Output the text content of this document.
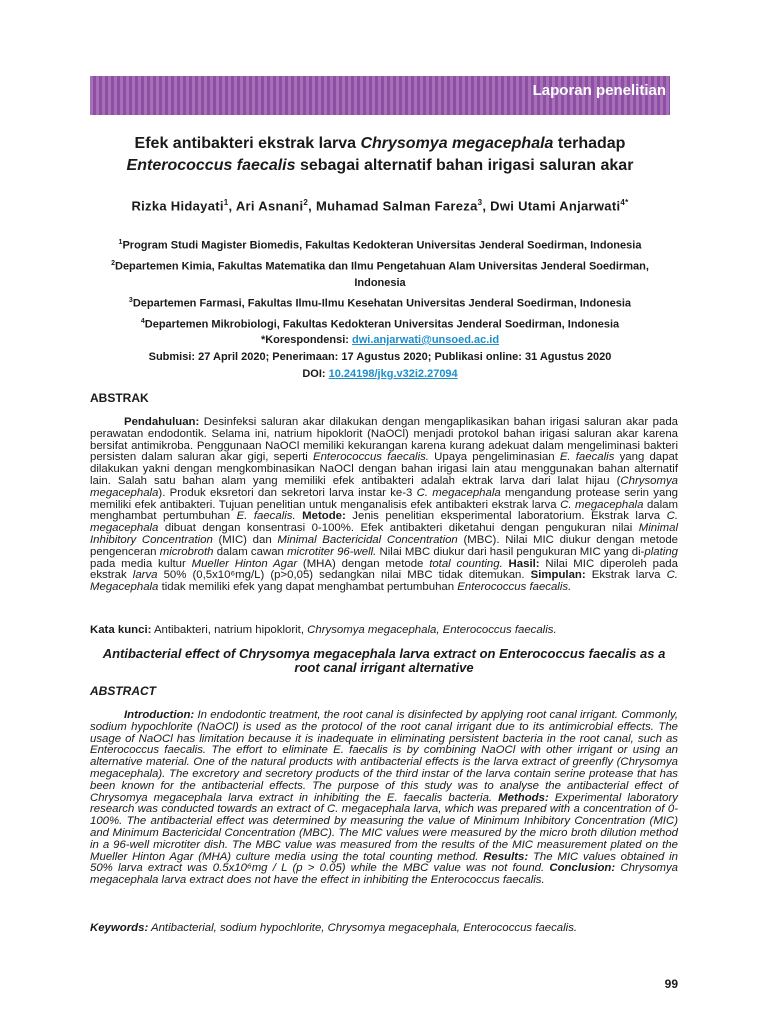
Laporan penelitian
Efek antibakteri ekstrak larva Chrysomya megacephala terhadap
Enterococcus faecalis sebagai alternatif bahan irigasi saluran akar
Rizka Hidayati$^1$, Ari Asnani$^2$, Muhamad Salman Fareza$^3$, Dwi Utami Anjarwati$^{4*}$

$^1$Program Studi Magister Biomedis, Fakultas Kedokteran Universitas Jenderal Soedirman, Indonesia

$^2$Departemen Kimia, Fakultas Matematika dan Ilmu Pengetahuan Alam Universitas Jenderal Soedirman, Indonesia

$^3$Departemen Farmasi, Fakultas Ilmu-Ilmu Kesehatan Universitas Jenderal Soedirman, Indonesia

$^4$Departemen Mikrobiologi, Fakultas Kedokteran Universitas Jenderal Soedirman, Indonesia

*Korespondensi: dwi.anjarwati@unsoed.ac.id

Submisi: 27 April 2020; Penerimaan: 17 Agustus 2020; Publikasi online: 31 Agustus 2020

DOI: 10.24198/jkg.v32i2.27094

ABSTRAK

Pendahuluan: Desinfeksi saluran akar dilakukan dengan mengaplikasikan bahan irigasi saluran akar pada perawatan endodontik. Selama ini, natrium hipoklorit (NaOCl) menjadi protokol bahan irigasi saluran akar karena bersifat antimikroba. Penggunaan NaOCl memiliki kekurangan karena kurang adekuat dalam mengeliminasi bakteri persisten dalam saluran akar gigi, seperti Enterococcus faecalis. Upaya pengeliminasian E. faecalis yang dapat dilakukan yakni dengan mengkombinasikan NaOCl dengan bahan irigasi lain atau menggunakan bahan alternatif lain. Salah satu bahan alam yang memiliki efek antibakteri adalah ektrak larva dari lalat hijau (Chrysomya megacephala). Produk eksretori dan sekretori larva instar ke-3 C. megacephala mengandung protease serin yang memiliki efek antibakteri. Tujuan penelitian untuk menganalisis efek antibakteri ekstrak larva C. megacephala dalam menghambat pertumbuhan E. faecalis. Metode: Jenis penelitian eksperimental laboratorium. Ekstrak larva C. megacephala dibuat dengan konsentrasi 0-100%. Efek antibakteri diketahui dengan pengukuran nilai Minimal Inhibitory Concentration (MIC) dan Minimal Bactericidal Concentration (MBC). Nilai MIC diukur dengan metode pengenceran microbroth dalam cawan microtiter 96-well. Nilai MBC diukur dari hasil pengukuran MIC yang di-plating pada media kultur Mueller Hinton Agar (MHA) dengan metode total counting. Hasil: Nilai MIC diperoleh pada ekstrak larva 50% (0,5x10⁶mg/L) (p>0,05) sedangkan nilai MBC tidak ditemukan. Simpulan: Ekstrak larva C. Megacephala tidak memiliki efek yang dapat menghambat pertumbuhan Enterococcus faecalis.

Kata kunci: Antibakteri, natrium hipoklorit, Chrysomya megacephala, Enterococcus faecalis.
Antibacterial effect of Chrysomya megacephala larva extract on Enterococcus faecalis as a root canal irrigant alternative
ABSTRACT

Introduction: In endodontic treatment, the root canal is disinfected by applying root canal irrigant. Commonly, sodium hypochlorite (NaOCl) is used as the protocol of the root canal irrigant due to its antimicrobial effects. The usage of NaOCl has limitation because it is inadequate in eliminating persistent bacteria in the root canal, such as Enterococcus faecalis. The effort to eliminate E. faecalis is by combining NaOCl with other irrigant or using an alternative material. One of the natural products with antibacterial effects is the larva extract of greenfly (Chrysomya megacephala). The excretory and secretory products of the third instar of the larva contain serine protease that has been known for the antibacterial effects. The purpose of this study was to analyse the antibacterial effect of Chrysomya megacephala larva extract in inhibiting the E. faecalis bacteria. Methods: Experimental laboratory research was conducted towards an extract of C. megacephala larva, which was prepared with a concentration of 0-100%. The antibacterial effect was determined by measuring the value of Minimum Inhibitory Concentration (MIC) and Minimum Bactericidal Concentration (MBC). The MIC values were measured by the micro broth dilution method in a 96-well microtiter dish. The MBC value was measured from the results of the MIC measurement plated on the Mueller Hinton Agar (MHA) culture media using the total counting method. Results: The MIC values obtained in 50% larva extract was 0.5x10⁶mg / L (p > 0.05) while the MBC value was not found. Conclusion: Chrysomya megacephala larva extract does not have the effect in inhibiting the Enterococcus faecalis.

Keywords: Antibacterial, sodium hypochlorite, Chrysomya megacephala, Enterococcus faecalis.
99
